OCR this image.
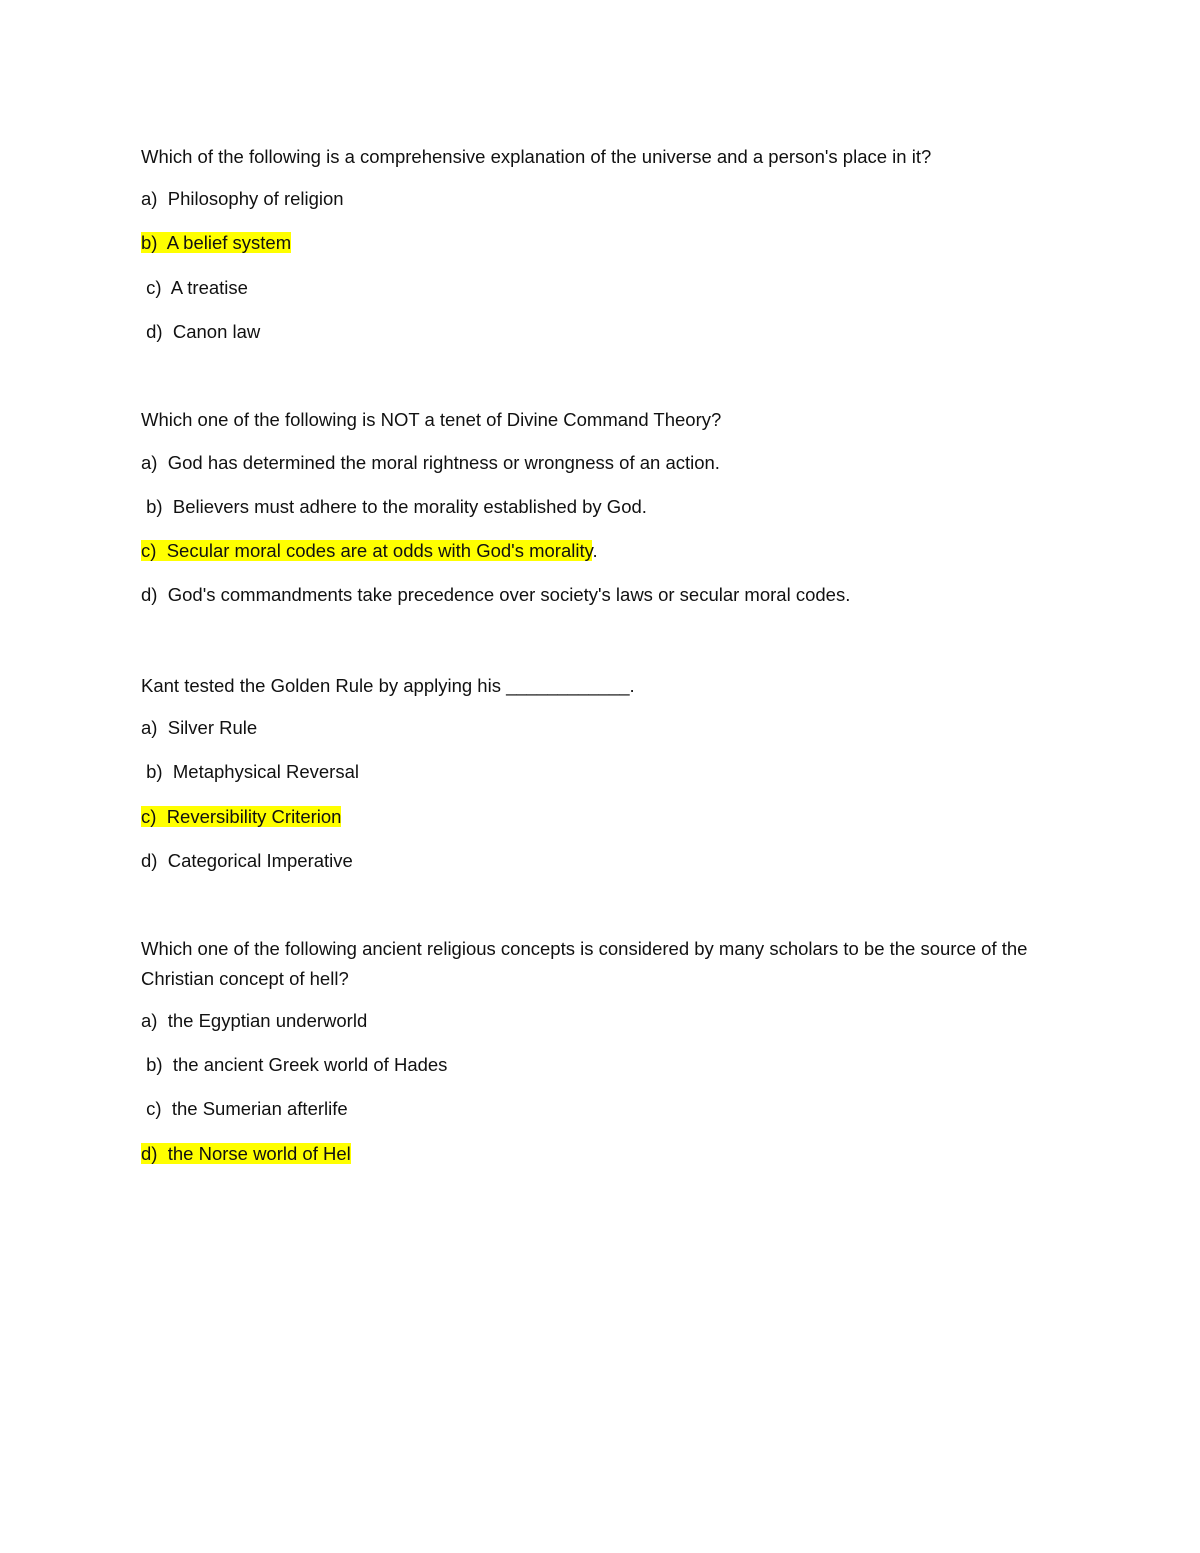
Which of the following is a comprehensive explanation of the universe and a person's place in it?

a)  Philosophy of religion

b)  A belief system

c)  A treatise

d)  Canon law

Which one of the following is NOT a tenet of Divine Command Theory?

a)  God has determined the moral rightness or wrongness of an action.

b)  Believers must adhere to the morality established by God.

c)  Secular moral codes are at odds with God's morality.

d)  God's commandments take precedence over society's laws or secular moral codes.

Kant tested the Golden Rule by applying his ____________.

a)  Silver Rule

b)  Metaphysical Reversal

c)  Reversibility Criterion

d)  Categorical Imperative

Which one of the following ancient religious concepts is considered by many scholars to be the source of the Christian concept of hell?

a)  the Egyptian underworld

b)  the ancient Greek world of Hades

c)  the Sumerian afterlife

d)  the Norse world of Hel
